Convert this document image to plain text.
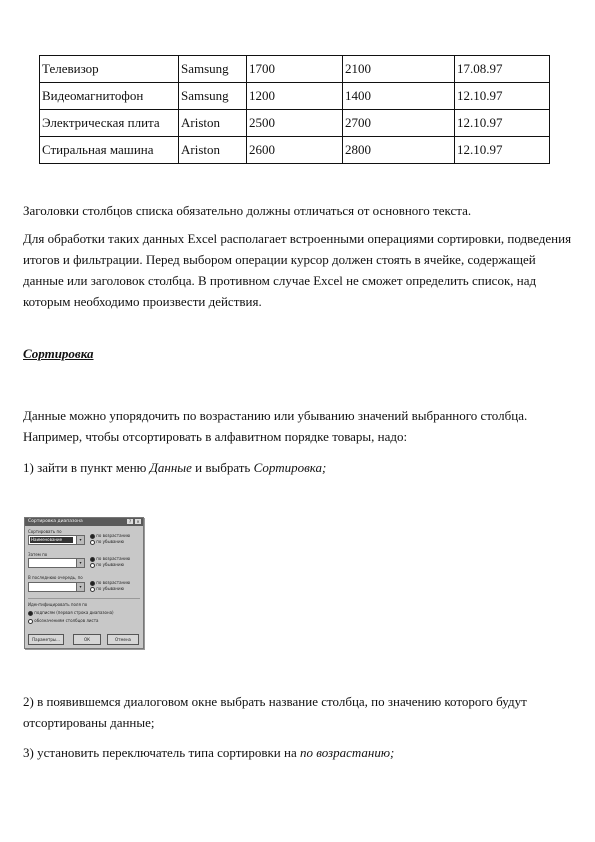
Телевизор	Samsung	1700	2100	17.08.97
Видеомагнитофон	Samsung	1200	1400	12.10.97
Электрическая плита	Ariston	2500	2700	12.10.97
Стиральная машина	Ariston	2600	2800	12.10.97

Заголовки столбцов списка обязательно должны отличаться от основного текста.

Для обработки таких данных Excel располагает встроенными операциями сортировки, подведения итогов и фильтрации. Перед выбором операции курсор должен стоять в ячейке, содержащей данные или заголовок столбца. В противном случае Excel не сможет определить список, над которым необходимо произвести действия.

Сортировка

Данные можно упорядочить по возрастанию или убыванию значений выбранного столбца. Например, чтобы отсортировать в алфавитном порядке товары, надо:

1) зайти в пункт меню Данные и выбрать Сортировка;

Сортировка диапазона	?	×
Сортировать по
Наименование	▾
по возрастанию
по убыванию
Затем по
▾
по возрастанию
по убыванию
В последнюю очередь, по
▾
по возрастанию
по убыванию
Идентифицировать поля по
подписям (первая строка диапазона)
обозначениям столбцов листа
Параметры...	ОК	Отмена

2) в появившемся диалоговом окне выбрать название столбца, по значению которого будут отсортированы данные;

3) установить переключатель типа сортировки на по возрастанию;
